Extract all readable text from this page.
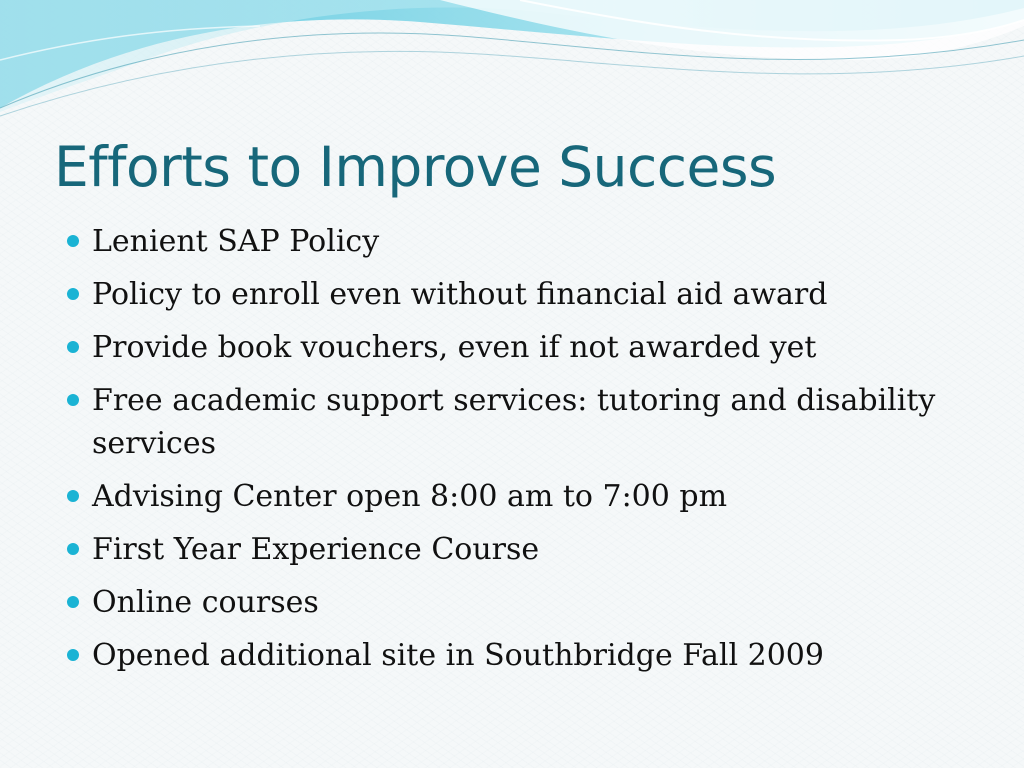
Efforts to Improve Success
Lenient SAP Policy
Policy to enroll even without financial aid award
Provide book vouchers, even if not awarded yet
Free academic support services: tutoring and disability services
Advising Center open 8:00 am to 7:00 pm
First Year Experience Course
Online courses
Opened additional site in Southbridge Fall 2009
